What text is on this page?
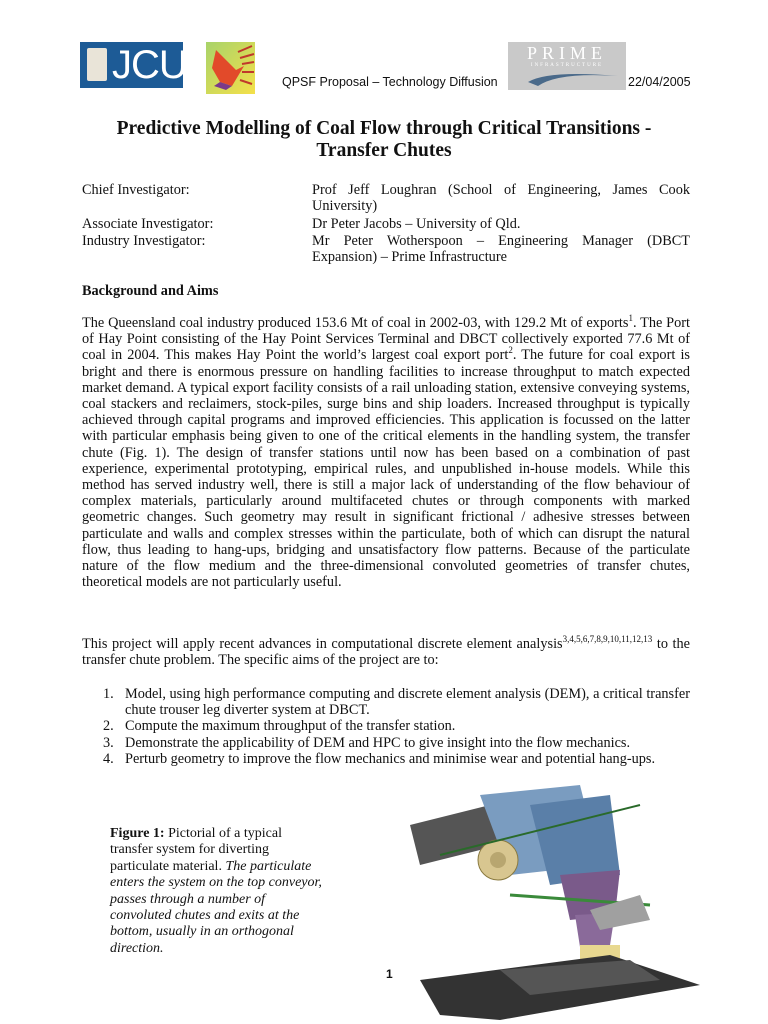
JCU	QPSF Proposal – Technology Diffusion
PRIME
INFRASTRUCTURE
22/04/2005
Predictive Modelling of Coal Flow through Critical Transitions -
Transfer Chutes
Chief Investigator:	Prof Jeff Loughran (School of Engineering, James Cook University)
Associate Investigator:	Dr Peter Jacobs – University of Qld.
Industry Investigator:	Mr Peter Wotherspoon – Engineering Manager (DBCT Expansion) – Prime Infrastructure
Background and Aims
The Queensland coal industry produced 153.6 Mt of coal in 2002-03, with 129.2 Mt of exports$^1$. The Port of Hay Point consisting of the Hay Point Services Terminal and DBCT collectively exported 77.6 Mt of coal in 2004. This makes Hay Point the world’s largest coal export port$^2$. The future for coal export is bright and there is enormous pressure on handling facilities to increase throughput to match expected market demand. A typical export facility consists of a rail unloading station, extensive conveying systems, coal stackers and reclaimers, stock-piles, surge bins and ship loaders. Increased throughput is typically achieved through capital programs and improved efficiencies. This application is focussed on the latter with particular emphasis being given to one of the critical elements in the handling system, the transfer chute (Fig. 1). The design of transfer stations until now has been based on a combination of past experience, experimental prototyping, empirical rules, and unpublished in-house models. While this method has served industry well, there is still a major lack of understanding of the flow behaviour of complex materials, particularly around multifaceted chutes or through components with marked geometric changes. Such geometry may result in significant frictional / adhesive stresses between particulate and walls and complex stresses within the particulate, both of which can disrupt the natural flow, thus leading to hang-ups, bridging and unsatisfactory flow patterns. Because of the particulate nature of the flow medium and the three-dimensional convoluted geometries of transfer chutes, theoretical models are not particularly useful.
This project will apply recent advances in computational discrete element analysis$^{3,4,5,6,7,8,9,10,11,12,13}$ to the transfer chute problem. The specific aims of the project are to:
1. Model, using high performance computing and discrete element analysis (DEM), a critical transfer chute trouser leg diverter system at DBCT.
2. Compute the maximum throughput of the transfer station.
3. Demonstrate the applicability of DEM and HPC to give insight into the flow mechanics.
4. Perturb geometry to improve the flow mechanics and minimise wear and potential hang-ups.
Figure 1: Pictorial of a typical transfer system for diverting particulate material. The particulate enters the system on the top conveyor, passes through a number of convoluted chutes and exits at the bottom, usually in an orthogonal direction.
1
